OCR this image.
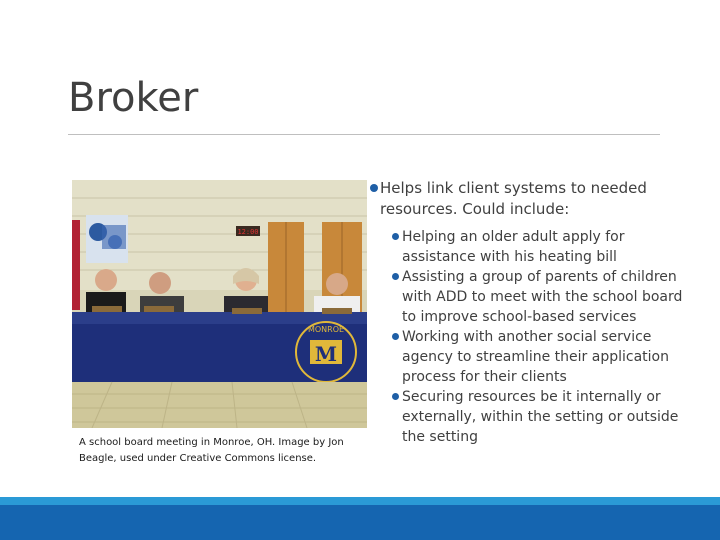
Broker
12:00
MONROE
M
A school board meeting in Monroe, OH. Image by Jon Beagle, used under Creative Commons license.
Helps link client systems to needed resources. Could include:
Helping an older adult apply for assistance with his heating bill
Assisting a group of parents of children with ADD to meet with the school board to improve school-based services
Working with another social service agency to streamline their application process for their clients
Securing resources be it internally or externally, within the setting or outside the setting
